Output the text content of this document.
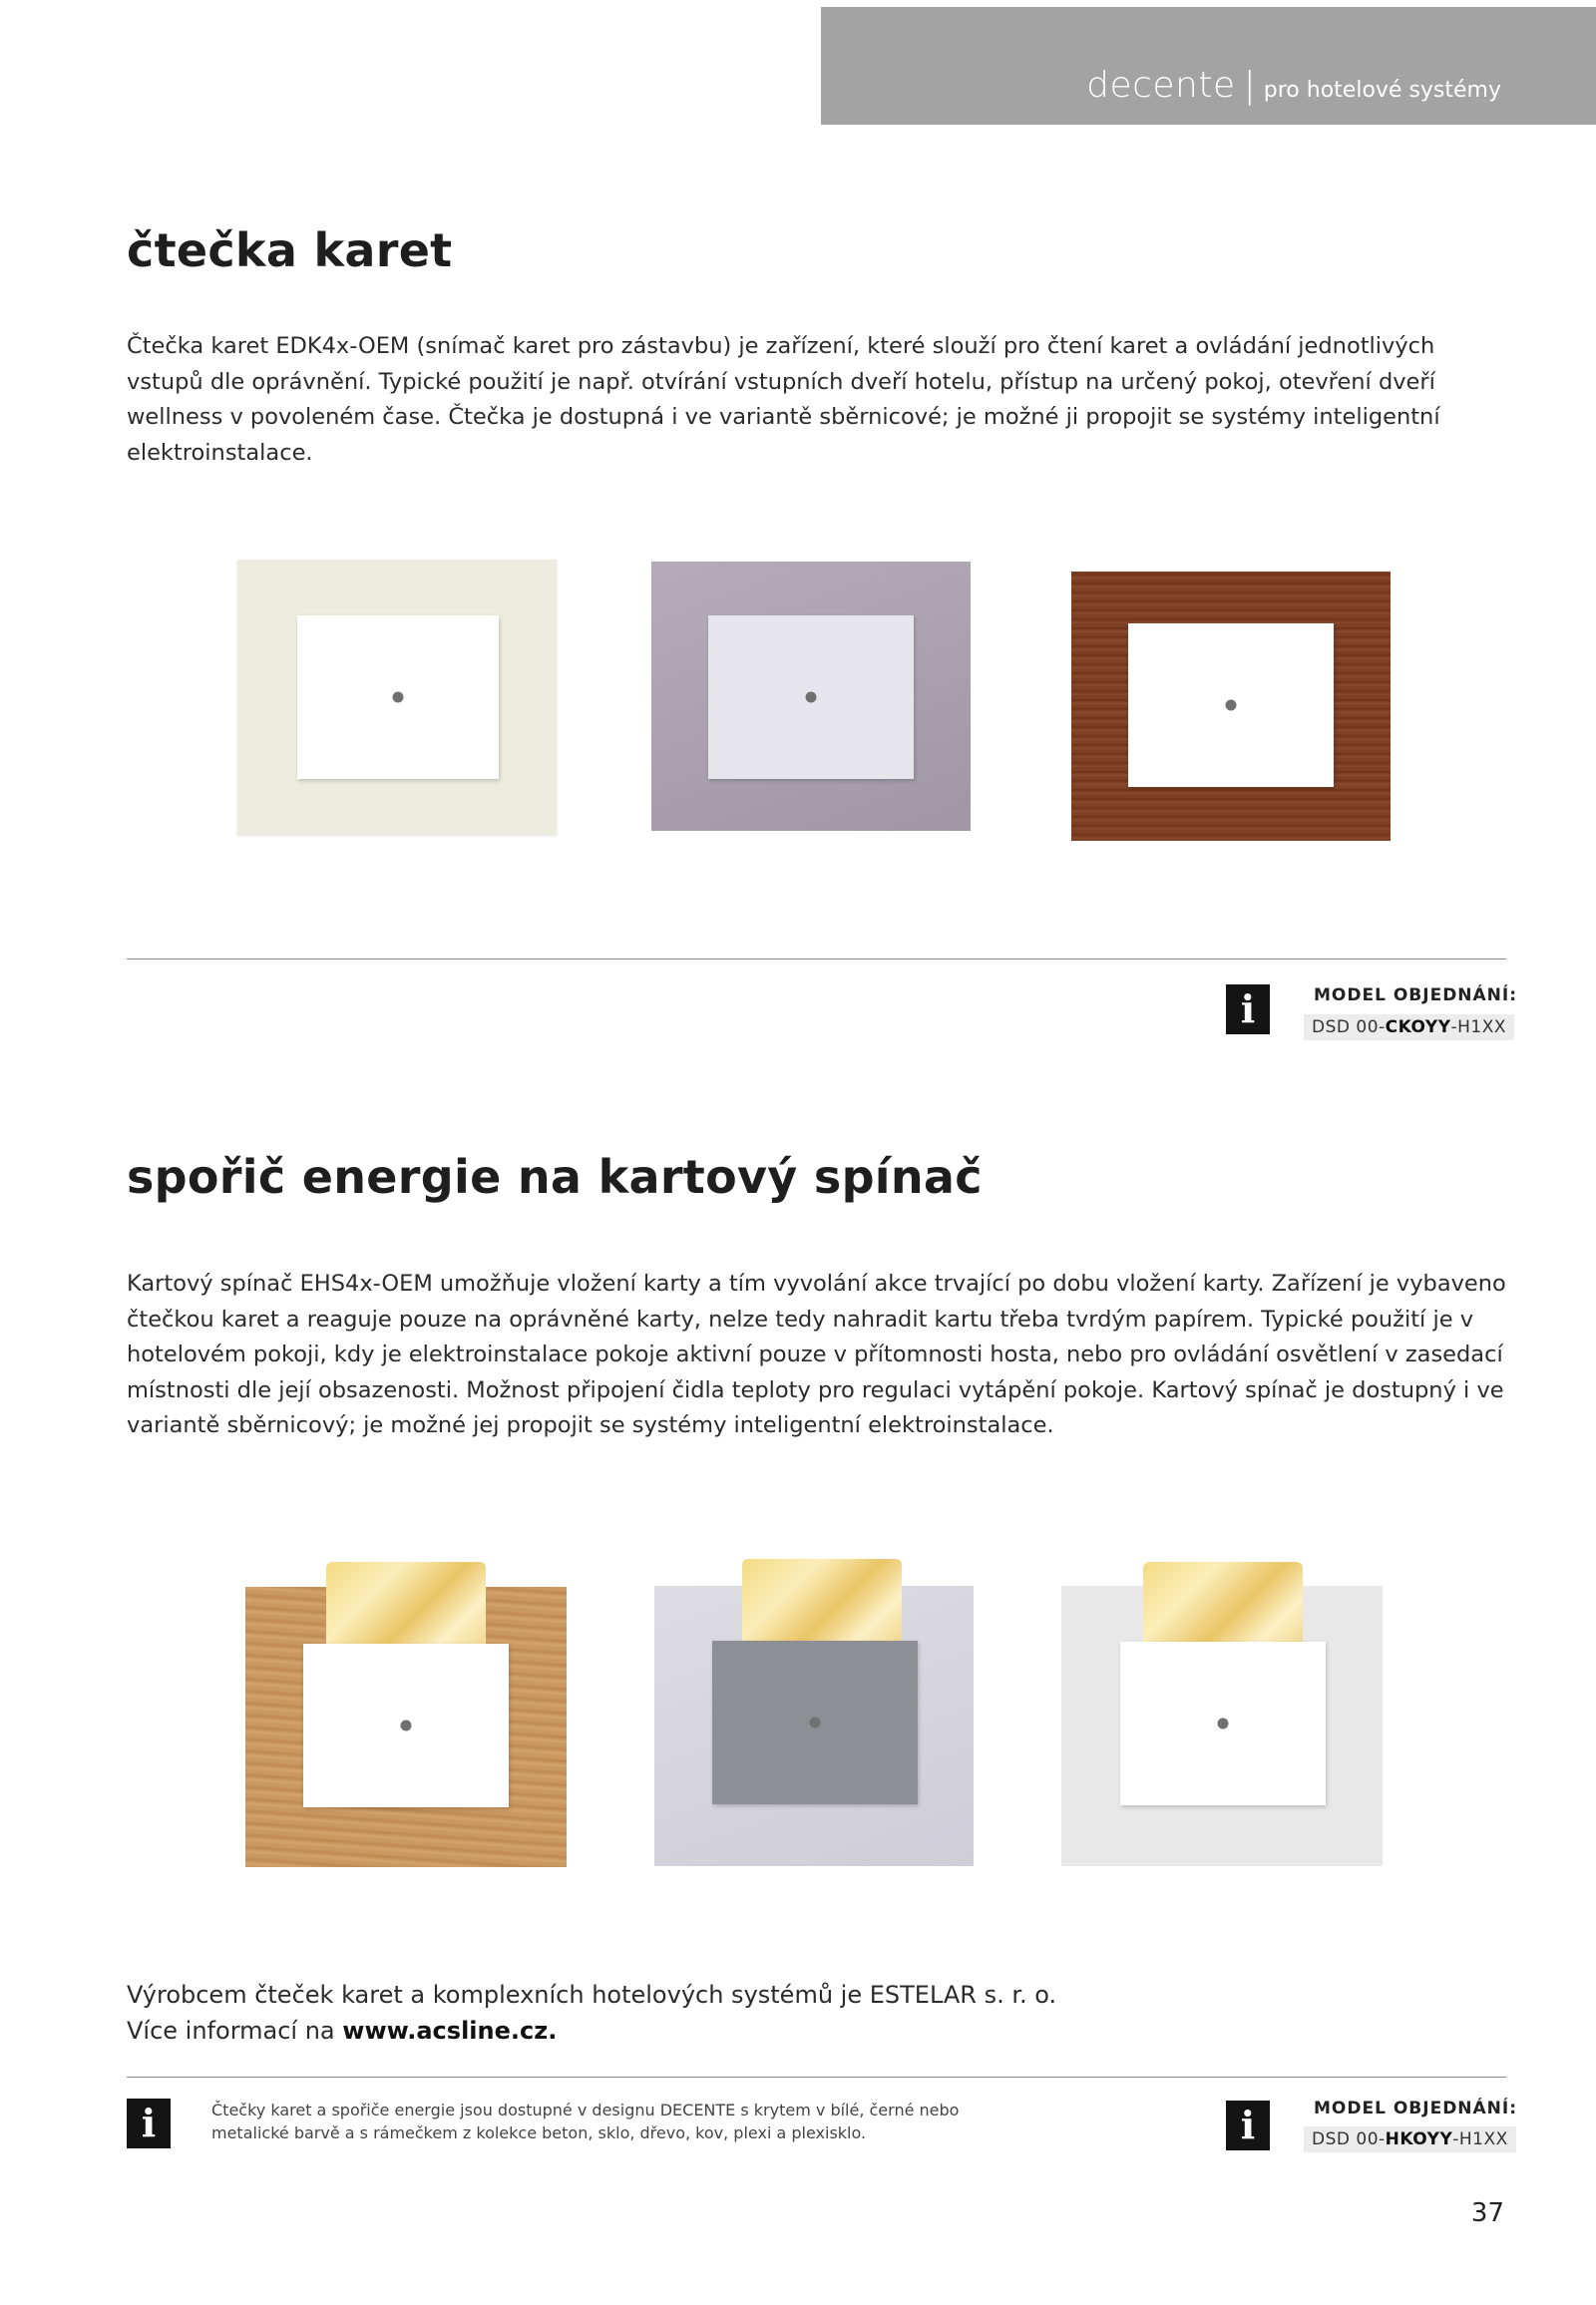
decente | pro hotelové systémy
čtečka karet

Čtečka karet EDK4x-OEM (snímač karet pro zástavbu) je zařízení, které slouží pro čtení karet a ovládání jednotlivých vstupů dle oprávnění. Typické použití je např. otvírání vstupních dveří hotelu, přístup na určený pokoj, otevření dveří wellness v povoleném čase. Čtečka je dostupná i ve variantě sběrnicové; je možné ji propojit se systémy inteligentní elektroinstalace.

i	MODEL OBJEDNÁNÍ:
DSD 00-CKOYY-H1XX
spořič energie na kartový spínač

Kartový spínač EHS4x-OEM umožňuje vložení karty a tím vyvolání akce trvající po dobu vložení karty. Zařízení je vybaveno čtečkou karet a reaguje pouze na oprávněné karty, nelze tedy nahradit kartu třeba tvrdým papírem. Typické použití je v hotelovém pokoji, kdy je elektroinstalace pokoje aktivní pouze v přítomnosti hosta, nebo pro ovládání osvětlení v zasedací místnosti dle její obsazenosti. Možnost připojení čidla teploty pro regulaci vytápění pokoje. Kartový spínač je dostupný i ve variantě sběrnicový; je možné jej propojit se systémy inteligentní elektroinstalace.

Výrobcem čteček karet a komplexních hotelových systémů je ESTELAR s. r. o.

Více informací na www.acsline.cz.

i	Čtečky karet a spořiče energie jsou dostupné v designu DECENTE s krytem v bílé, černé nebo metalické barvě a s rámečkem z kolekce beton, sklo, dřevo, kov, plexi a plexisklo.	i	MODEL OBJEDNÁNÍ:
DSD 00-HKOYY-H1XX
37
